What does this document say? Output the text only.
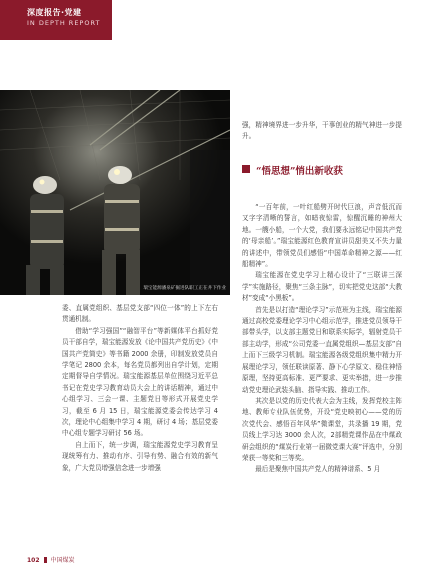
深度报告·党建
IN DEPTH REPORT
瑞宝能源潘泉矿掘进队职工正在井下作业

强，精神境界进一步升华，干事创业的精气神进一步提升。

“悟思想”悄出新收获

“一百年前，一叶红船劈开时代巨浪，声音低沉而又字字清晰的誓言，如暗夜惊雷，惊醒沉睡的神州大地。一艘小船，一个大党，我们要永远铭记中国共产党的‘母亲船’。”瑞宝能源红色教育宣讲员甜美又不失力量的讲述中，带领党员们感悟“中国革命精神之源——红船精神”。

瑞宝能源在党史学习上精心设计了“三联讲三深学”实施路径，聚焦“三条主脉”，切实把党史这部“大教材”变成“小黑板”。

首先是以打造“理论学习”示范班为主线，瑞宝能源通过高校党委理论学习中心组示范学，推进党员领导干部带头学，以支部主题党日和联系实际学，辐射党员干部主动学，形成“公司党委一直属党组织—基层支部”自上而下三级学习机制。瑞宝能源各级党组织集中精力开展理论学习，领任联读原著、静下心学原文、稳住神悟原理，坚持更高标准、更严要求、更实举措，进一步推动党史理论武装头脑、指导实践、推动工作。

其次是以党的历史代表大会为主线，发挥党校主阵地、教师专业队伍优势，开设“党史映初心——党的历次党代会、感悟百年风华”微课堂，共录播 19 期，党员线上学习达 3000 余人次，2部精党课作品在中煤政研会组织的“煤炭行业第一届微党课大赛”评选中，分别荣获一等奖和三等奖。

最后是聚焦中国共产党人的精神谱系、5 月

委、直属党组织、基层党支部“四位一体”的上下左右贯通机制。

借助“学习强国”“融智平台”等新媒体平台抓好党员干部自学，瑞宝能源发放《论中国共产党历史》《中国共产党简史》等书籍 2000 余册，印制发放党员自学笔记 2800 余本，每名党员都列出自学计划，定期定期督导自学情况。瑞宝能源基层单位围绕习近平总书记在党史学习教育动员大会上的讲话精神，通过中心组学习、三会一课、主题党日等形式开展党史学习，截至 6 月 15 日，瑞宝能源党委会传达学习 4 次，理论中心组集中学习 4 期，研讨 4 场；基层党委中心组专题学习研讨 56 场。

自上而下，统一步调，瑞宝能源党史学习教育呈现统筹有力、推动有序、引导有势、融合有效的新气象，广大党员增强信念进一步增强

102 中国煤炭
